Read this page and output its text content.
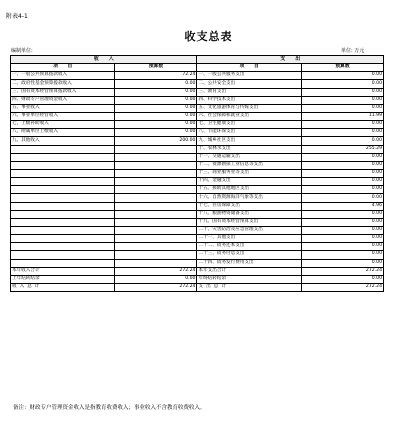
附表4-1
收支总表
编制单位:	单位: 万元
收　　入		支　　出	
项　　目	预算数	项　　目	预算数
一、一般公共预算拨款收入	72.24	一、一般公共服务支出	0.00
二、政府性基金预算拨款收入	0.00	二、公共安全支出	0.00
三、国有资本经营预算拨款收入	0.00	三、教育支出	0.00
四、财政专户管理资金收入	0.00	四、科学技术支出	0.00
五、事业收入	0.00	五、文化旅游体育与传媒支出	0.00
六、事业单位经营收入	0.00	六、社会保障和就业支出	11.99
七、上级补助收入	0.00	七、卫生健康支出	0.00
八、附属单位上缴收入	0.00	八、节能环保支出	0.00
九、其他收入	200.00	九、城乡社区支出	0.00
		十、农林水支出	255.29
		十一、交通运输支出	0.00
		十二、资源勘探工业信息等支出	0.00
		十三、商业服务业等支出	0.00
		十四、金融支出	0.00
		十五、援助其他地区支出	0.00
		十六、自然资源海洋气象等支出	0.00
		十七、住房保障支出	4.96
		十八、粮油物资储备支出	0.00
		十九、国有资本经营预算支出	0.00
		二十、灾害防治及应急管理支出	0.00
		二十一、其他支出	0.00
		二十二、债务还本支出	0.00
		二十三、债务付息支出	0.00
		二十四、债务发行费用支出	0.00
本年收入合计	272.24	本年支出合计	272.24
上年结转结余	0.00	年终结转结余	0.00
收入总计	272.24	支出总计	272.24
备注：财政专户管理资金收入是指教育收费收入；事业收入不含教育收费收入。
